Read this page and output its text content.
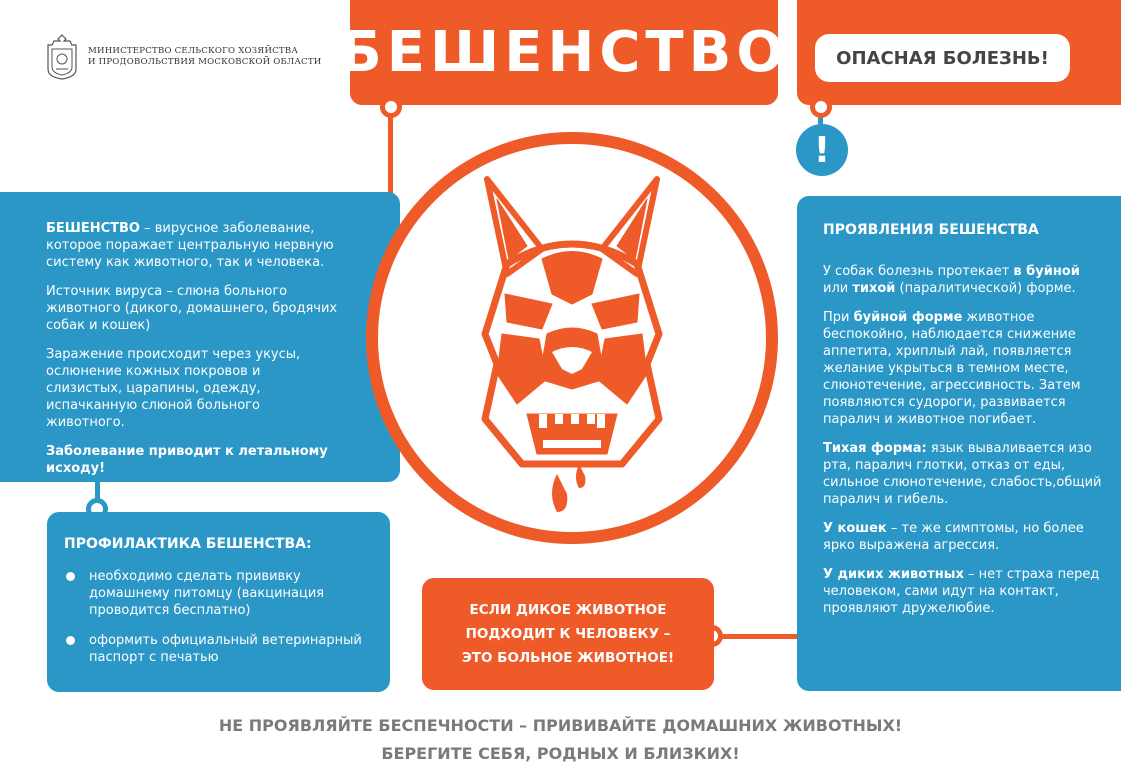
МИНИСТЕРСТВО СЕЛЬСКОГО ХОЗЯЙСТВА
И ПРОДОВОЛЬСТВИЯ МОСКОВСКОЙ ОБЛАСТИ БЕШЕНСТВО	ОПАСНАЯ БОЛЕЗНЬ!

БЕШЕНСТВО – вирусное заболевание, которое поражает центральную нервную систему как животного, так и человека.

Источник вируса – слюна больного животного (дикого, домашнего, бродячих собак и кошек)

Заражение происходит через укусы, ослюнение кожных покровов и слизистых, царапины, одежду, испачканную слюной больного животного.

Заболевание приводит к летальному исходу!

ПРОФИЛАКТИКА БЕШЕНСТВА:
необходимо сделать прививку домашнему питомцу (вакцинация проводится бесплатно)
оформить официальный ветеринарный паспорт с печатью
ЕСЛИ ДИКОЕ ЖИВОТНОЕ
ПОДХОДИТ К ЧЕЛОВЕКУ –
ЭТО БОЛЬНОЕ ЖИВОТНОЕ!
!
ПРОЯВЛЕНИЯ БЕШЕНСТВА

У собак болезнь протекает в буйной или тихой (паралитической) форме.

При буйной форме животное беспокойно, наблюдается снижение аппетита, хриплый лай, появляется желание укрыться в темном месте, слюнотечение, агрессивность. Затем появляются судороги, развивается паралич и животное погибает.

Тихая форма: язык вываливается изо рта, паралич глотки, отказ от еды, сильное слюнотечение, слабость,общий паралич и гибель.

У кошек – те же симптомы, но более ярко выражена агрессия.

У диких животных – нет страха перед человеком, сами идут на контакт, проявляют дружелюбие.

НЕ ПРОЯВЛЯЙТЕ БЕСПЕЧНОСТИ – ПРИВИВАЙТЕ ДОМАШНИХ ЖИВОТНЫХ!
БЕРЕГИТЕ СЕБЯ, РОДНЫХ И БЛИЗКИХ!
